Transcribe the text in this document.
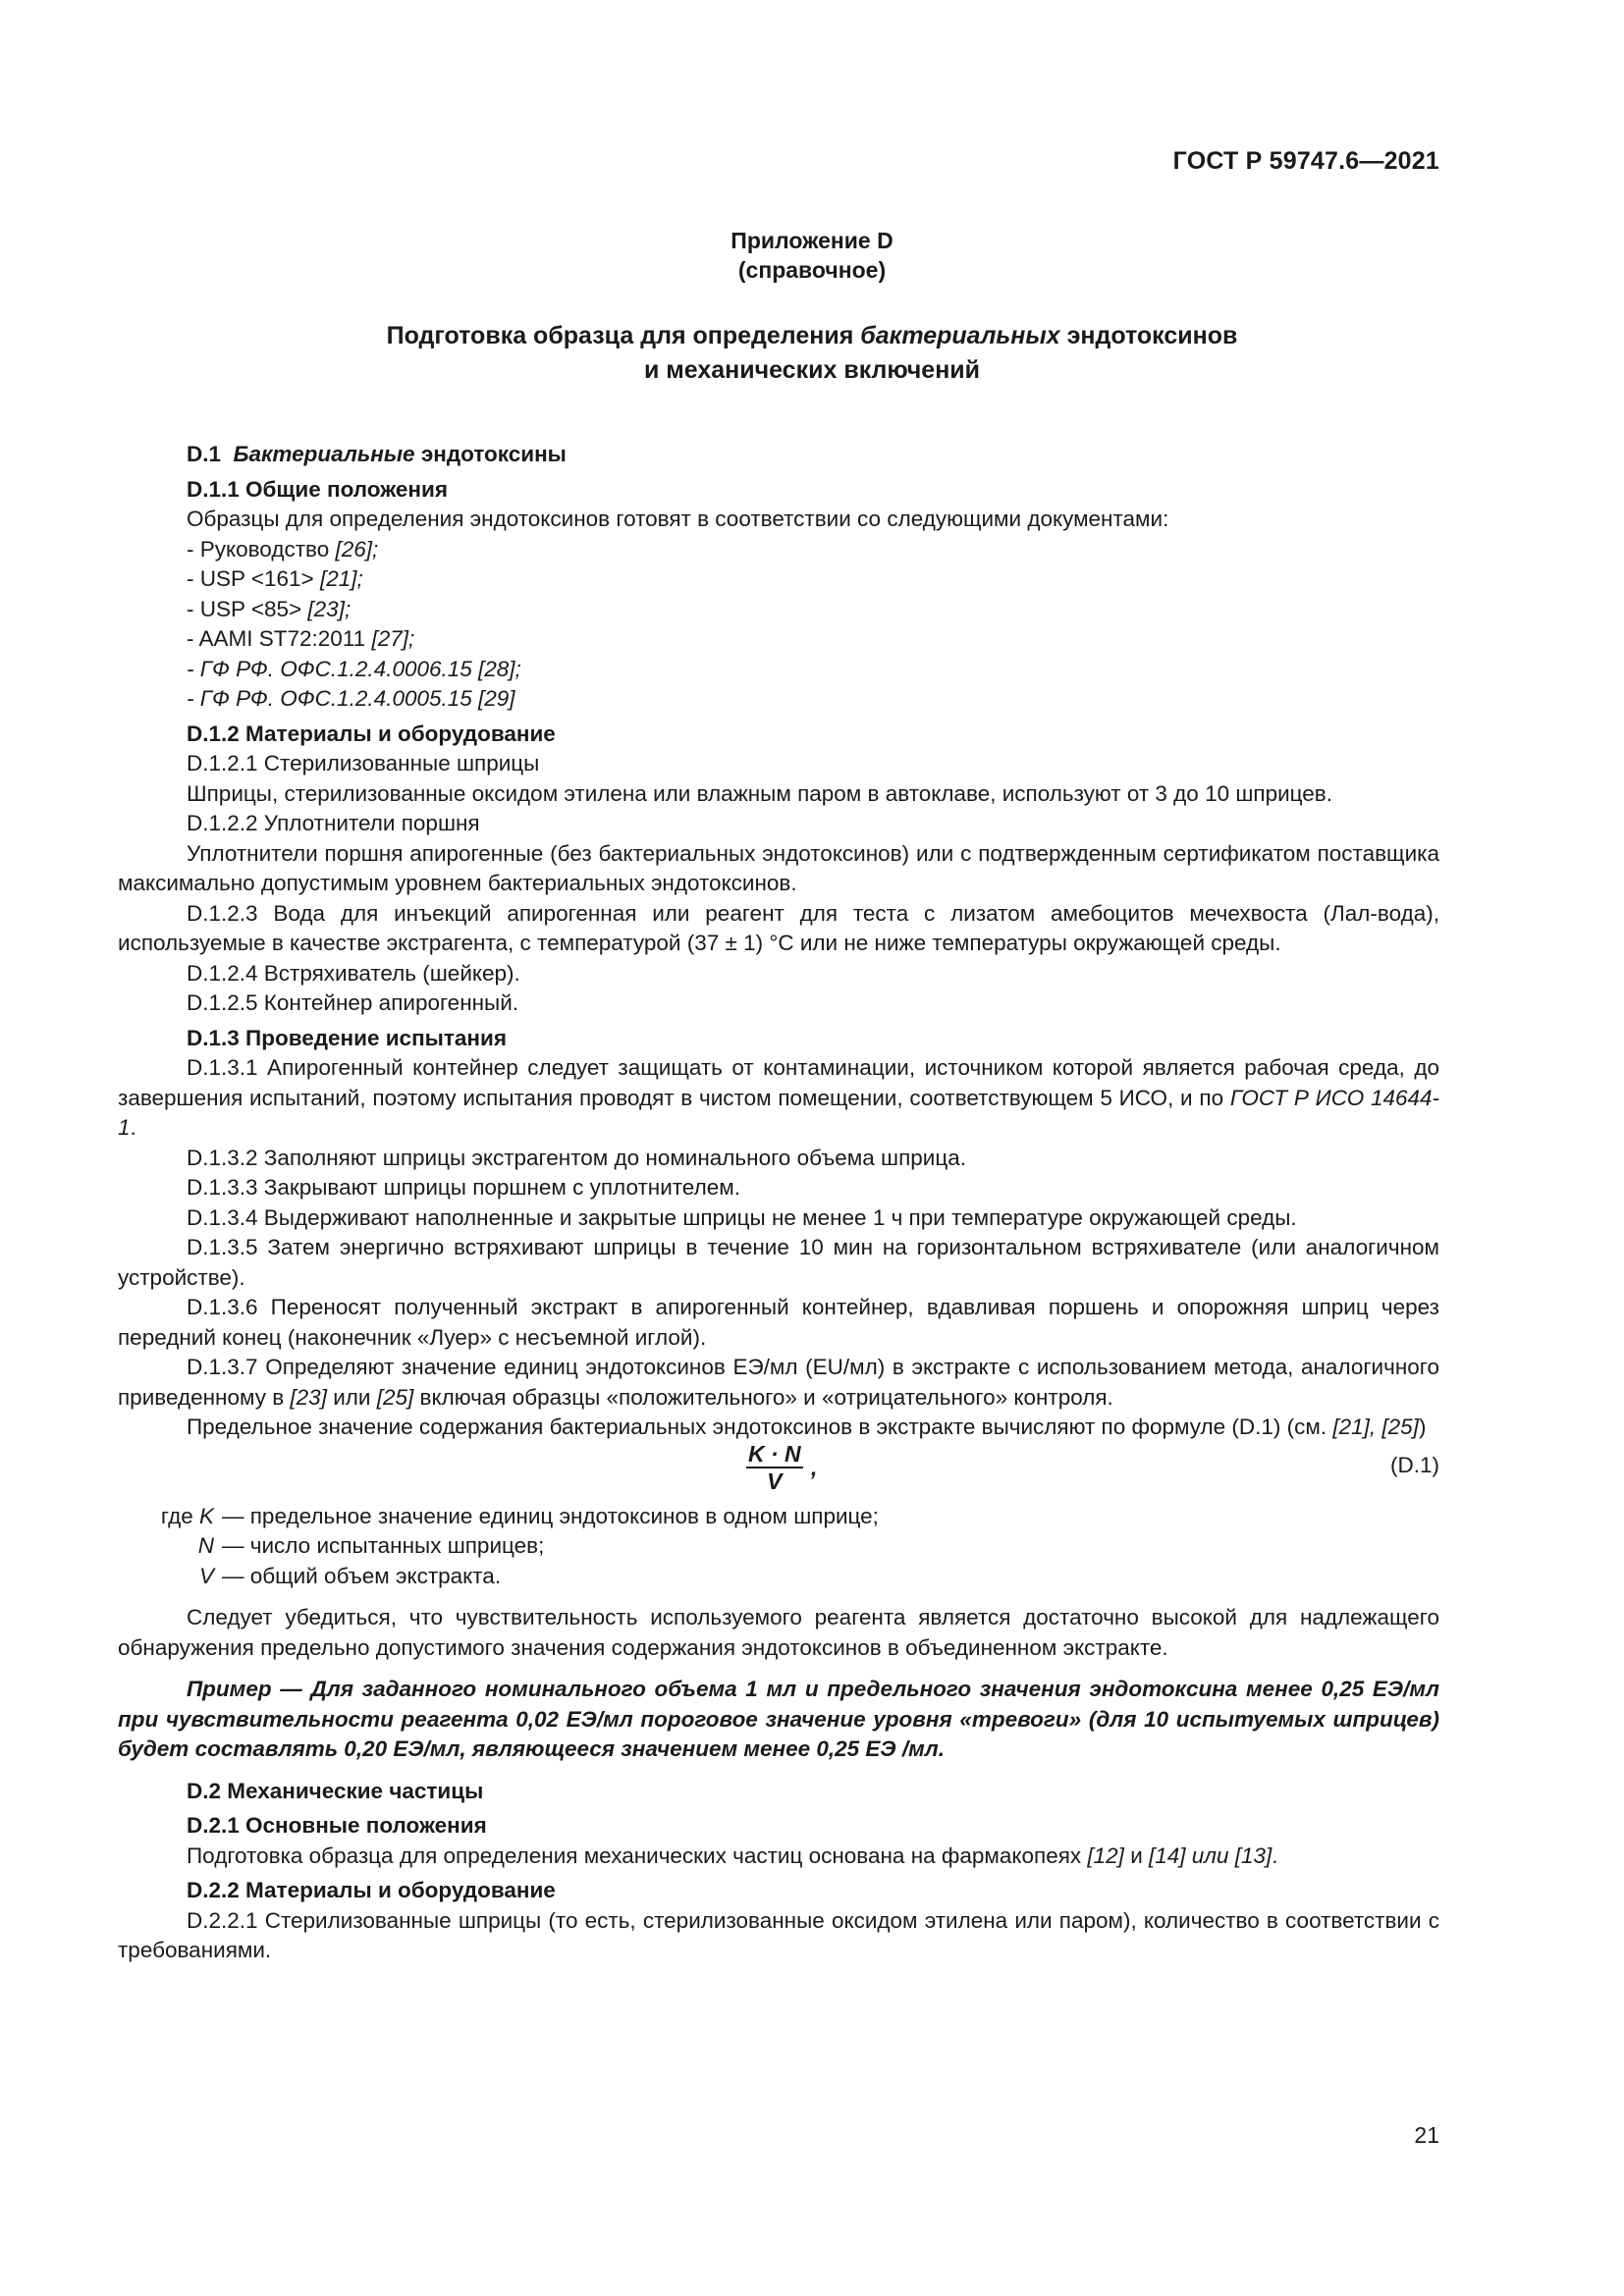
ГОСТ Р 59747.6—2021
Приложение D
(справочное)
Подготовка образца для определения бактериальных эндотоксинов
и механических включений

D.1 Бактериальные эндотоксины

D.1.1 Общие положения

Образцы для определения эндотоксинов готовят в соответствии со следующими документами:

- Руководство [26];

- USP <161> [21];

- USP <85> [23];

- AAMI ST72:2011 [27];

- ГФ РФ. ОФС.1.2.4.0006.15 [28];

- ГФ РФ. ОФС.1.2.4.0005.15 [29]

D.1.2 Материалы и оборудование

D.1.2.1 Стерилизованные шприцы

Шприцы, стерилизованные оксидом этилена или влажным паром в автоклаве, используют от 3 до 10 шприцев.

D.1.2.2 Уплотнители поршня

Уплотнители поршня апирогенные (без бактериальных эндотоксинов) или с подтвержденным сертификатом поставщика максимально допустимым уровнем бактериальных эндотоксинов.

D.1.2.3 Вода для инъекций апирогенная или реагент для теста с лизатом амебоцитов мечехвоста (Лал-вода), используемые в качестве экстрагента, с температурой (37 ± 1) °С или не ниже температуры окружающей среды.

D.1.2.4 Встряхиватель (шейкер).

D.1.2.5 Контейнер апирогенный.

D.1.3 Проведение испытания

D.1.3.1 Апирогенный контейнер следует защищать от контаминации, источником которой является рабочая среда, до завершения испытаний, поэтому испытания проводят в чистом помещении, соответствующем 5 ИСО, и по ГОСТ Р ИСО 14644-1.

D.1.3.2 Заполняют шприцы экстрагентом до номинального объема шприца.

D.1.3.3 Закрывают шприцы поршнем с уплотнителем.

D.1.3.4 Выдерживают наполненные и закрытые шприцы не менее 1 ч при температуре окружающей среды.

D.1.3.5 Затем энергично встряхивают шприцы в течение 10 мин на горизонтальном встряхивателе (или аналогичном устройстве).

D.1.3.6 Переносят полученный экстракт в апирогенный контейнер, вдавливая поршень и опорожняя шприц через передний конец (наконечник «Луер» с несъемной иглой).

D.1.3.7 Определяют значение единиц эндотоксинов ЕЭ/мл (EU/мл) в экстракте с использованием метода, аналогичного приведенному в [23] или [25] включая образцы «положительного» и «отрицательного» контроля.

Предельное значение содержания бактериальных эндотоксинов в экстракте вычисляют по формуле (D.1) (см. [21], [25])

$\frac{K \cdot N}{V}$ ,	(D.1)

где K — предельное значение единиц эндотоксинов в одном шприце;

N — число испытанных шприцев;

V — общий объем экстракта.

Следует убедиться, что чувствительность используемого реагента является достаточно высокой для надлежащего обнаружения предельно допустимого значения содержания эндотоксинов в объединенном экстракте.

Пример — Для заданного номинального объема 1 мл и предельного значения эндотоксина менее 0,25 ЕЭ/мл при чувствительности реагента 0,02 ЕЭ/мл пороговое значение уровня «тревоги» (для 10 испытуемых шприцев) будет составлять 0,20 ЕЭ/мл, являющееся значением менее 0,25 ЕЭ /мл.

D.2 Механические частицы

D.2.1 Основные положения

Подготовка образца для определения механических частиц основана на фармакопеях [12] и [14] или [13].

D.2.2 Материалы и оборудование

D.2.2.1 Стерилизованные шприцы (то есть, стерилизованные оксидом этилена или паром), количество в соответствии с требованиями.

21
